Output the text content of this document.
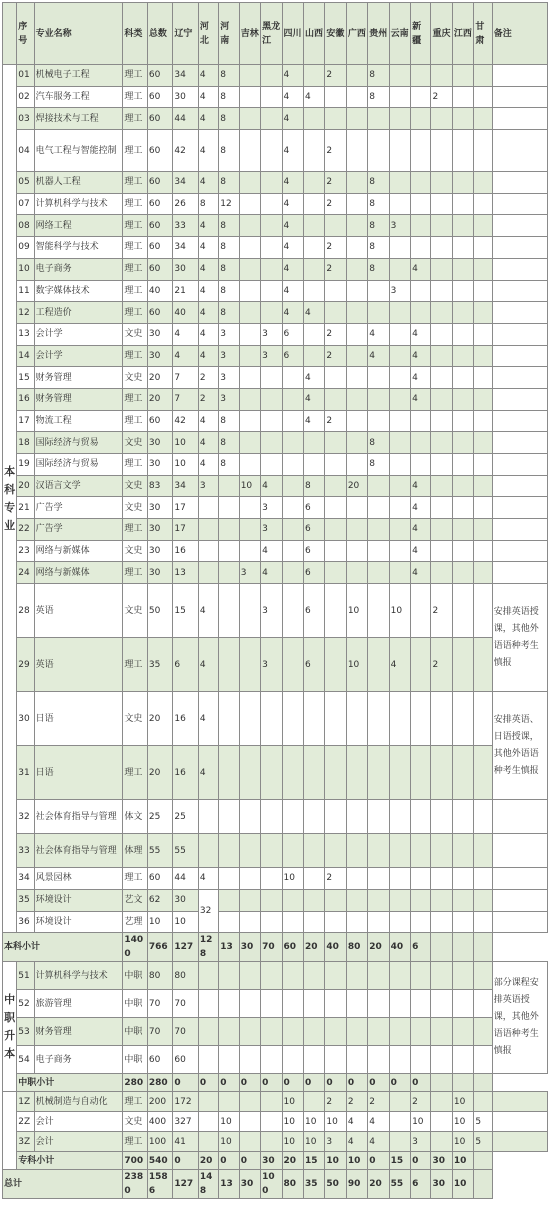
	序号	专业名称	科类	总数	辽宁	河北	河南	吉林	黑龙江	四川	山西	安徽	广西	贵州	云南	新疆	重庆	江西	甘肃	备注
本科专业	01	机械电子工程	理工	60	34	4	8			4		2		8						
	02	汽车服务工程	理工	60	30	4	8			4	4			8			2			
	03	焊接技术与工程	理工	60	44	4	8			4										
	04	电气工程与智能控制	理工	60	42	4	8			4		2								
	05	机器人工程	理工	60	34	4	8			4		2		8						
	07	计算机科学与技术	理工	60	26	8	12			4		2		8						
	08	网络工程	理工	60	33	4	8			4				8	3					
	09	智能科学与技术	理工	60	34	4	8			4		2		8						
	10	电子商务	理工	60	30	4	8			4		2		8		4				
	11	数字媒体技术	理工	40	21	4	8			4					3					
	12	工程造价	理工	60	40	4	8			4	4									
	13	会计学	文史	30	4	4	3		3	6		2		4		4				
	14	会计学	理工	30	4	4	3		3	6		2		4		4				
	15	财务管理	文史	20	7	2	3				4					4				
	16	财务管理	理工	20	7	2	3				4					4				
	17	物流工程	理工	60	42	4	8				4	2								
	18	国际经济与贸易	文史	30	10	4	8							8						
	19	国际经济与贸易	理工	30	10	4	8							8						
	20	汉语言文学	文史	83	34	3		10	4		8		20			4				
	21	广告学	文史	30	17				3		6					4				
	22	广告学	理工	30	17				3		6					4				
	23	网络与新媒体	文史	30	16				4		6					4				
	24	网络与新媒体	理工	30	13			3	4		6					4				
	28	英语	文史	50	15	4			3		6		10		10		2			安排英语授课，其他外语语种考生慎报
	29	英语	理工	35	6	4			3		6		10		4		2			
	30	日语	文史	20	16	4														安排英语、日语授课，其他外语语种考生慎报
	31	日语	理工	20	16	4														
	32	社会体育指导与管理	体文	25	25															
	33	社会体育指导与管理	体理	55	55															
	34	风景园林	理工	60	44	4				10		2								
	35	环境设计	艺文	62	30	32														
	36	环境设计	艺理	10	10															
本科小计			1400	766	127	128	13	30	70	60	20	40	80	20	40	6				
中职升本	51	计算机科学与技术	中职	80	80															部分课程安排英语授课，其他外语语种考生慎报
	52	旅游管理	中职	70	70															
	53	财务管理	中职	70	70															
	54	电子商务	中职	60	60															
	中职小计		280	280	0	0	0	0	0	0	0	0	0	0	0	0				
	1Z	机械制造与自动化	理工	200	172					10		2	2	2		2		10		
	2Z	会计	文史	400	327		10			10	10	10	4	4		10		10	5	
	3Z	会计	理工	100	41		10			10	10	3	4	4		3		10	5	
	专科小计		700	540	0	20	0	0	30	20	15	10	10	0	15	0	30	10		
总计			2380	1586	127	148	13	30	100	80	35	50	90	20	55	6	30	10		
